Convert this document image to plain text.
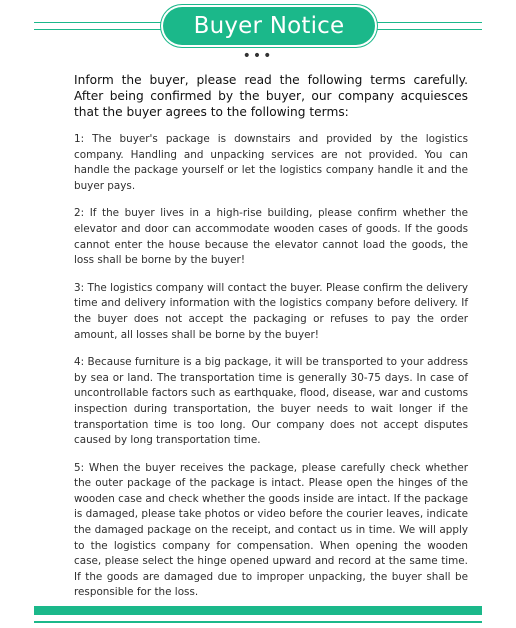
Buyer Notice
•••

Inform the buyer, please read the following terms carefully. After being confirmed by the buyer, our company acquiesces that the buyer agrees to the following terms:

1: The buyer's package is downstairs and provided by the logistics company. Handling and unpacking services are not provided. You can handle the package yourself or let the logistics company handle it and the buyer pays.

2: If the buyer lives in a high-rise building, please confirm whether the elevator and door can accommodate wooden cases of goods. If the goods cannot enter the house because the elevator cannot load the goods, the loss shall be borne by the buyer!

3: The logistics company will contact the buyer. Please confirm the delivery time and delivery information with the logistics company before delivery. If the buyer does not accept the packaging or refuses to pay the order amount, all losses shall be borne by the buyer!

4: Because furniture is a big package, it will be transported to your address by sea or land. The transportation time is generally 30-75 days. In case of uncontrollable factors such as earthquake, flood, disease, war and customs inspection during transportation, the buyer needs to wait longer if the transportation time is too long. Our company does not accept disputes caused by long transportation time.

5: When the buyer receives the package, please carefully check whether the outer package of the package is intact. Please open the hinges of the wooden case and check whether the goods inside are intact. If the package is damaged, please take photos or video before the courier leaves, indicate the damaged package on the receipt, and contact us in time. We will apply to the logistics company for compensation. When opening the wooden case, please select the hinge opened upward and record at the same time. If the goods are damaged due to improper unpacking, the buyer shall be responsible for the loss.
